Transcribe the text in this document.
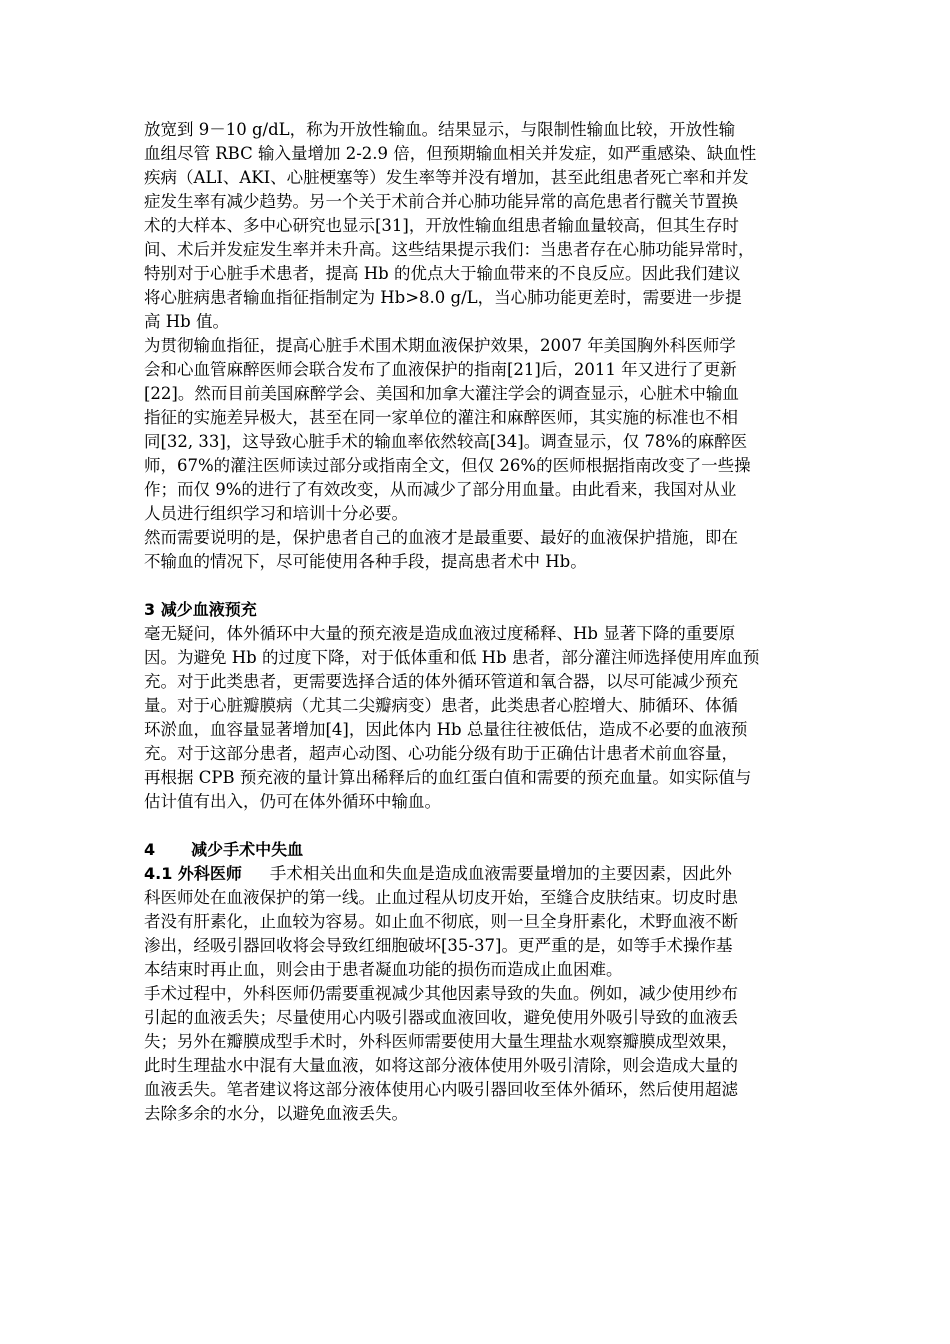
放宽到 9－10 g/dL，称为开放性输血。结果显示，与限制性输血比较，开放性输
血组尽管 RBC 输入量增加 2-2.9 倍，但预期输血相关并发症，如严重感染、缺血性
疾病（ALI、AKI、心脏梗塞等）发生率等并没有增加，甚至此组患者死亡率和并发
症发生率有减少趋势。另一个关于术前合并心肺功能异常的高危患者行髋关节置换
术的大样本、多中心研究也显示[31]，开放性输血组患者输血量较高，但其生存时
间、术后并发症发生率并未升高。这些结果提示我们：当患者存在心肺功能异常时，
特别对于心脏手术患者，提高 Hb 的优点大于输血带来的不良反应。因此我们建议
将心脏病患者输血指征指制定为 Hb>8.0 g/L，当心肺功能更差时，需要进一步提
高 Hb 值。
为贯彻输血指征，提高心脏手术围术期血液保护效果，2007 年美国胸外科医师学
会和心血管麻醉医师会联合发布了血液保护的指南[21]后，2011 年又进行了更新
[22]。然而目前美国麻醉学会、美国和加拿大灌注学会的调查显示，心脏术中输血
指征的实施差异极大，甚至在同一家单位的灌注和麻醉医师，其实施的标准也不相
同[32, 33]，这导致心脏手术的输血率依然较高[34]。调查显示，仅 78%的麻醉医
师，67%的灌注医师读过部分或指南全文，但仅 26%的医师根据指南改变了一些操
作；而仅 9%的进行了有效改变，从而减少了部分用血量。由此看来，我国对从业
人员进行组织学习和培训十分必要。
然而需要说明的是，保护患者自己的血液才是最重要、最好的血液保护措施，即在
不输血的情况下，尽可能使用各种手段，提高患者术中 Hb。
3 减少血液预充
毫无疑问，体外循环中大量的预充液是造成血液过度稀释、Hb 显著下降的重要原
因。为避免 Hb 的过度下降，对于低体重和低 Hb 患者，部分灌注师选择使用库血预
充。对于此类患者，更需要选择合适的体外循环管道和氧合器，以尽可能减少预充
量。对于心脏瓣膜病（尤其二尖瓣病变）患者，此类患者心腔增大、肺循环、体循
环淤血，血容量显著增加[4]，因此体内 Hb 总量往往被低估，造成不必要的血液预
充。对于这部分患者，超声心动图、心功能分级有助于正确估计患者术前血容量，
再根据 CPB 预充液的量计算出稀释后的血红蛋白值和需要的预充血量。如实际值与
估计值有出入，仍可在体外循环中输血。
4 减少手术中失血
4.1 外科医师 手术相关出血和失血是造成血液需要量增加的主要因素，因此外
科医师处在血液保护的第一线。止血过程从切皮开始，至缝合皮肤结束。切皮时患
者没有肝素化，止血较为容易。如止血不彻底，则一旦全身肝素化，术野血液不断
渗出，经吸引器回收将会导致红细胞破坏[35-37]。更严重的是，如等手术操作基
本结束时再止血，则会由于患者凝血功能的损伤而造成止血困难。
手术过程中，外科医师仍需要重视减少其他因素导致的失血。例如，减少使用纱布
引起的血液丢失；尽量使用心内吸引器或血液回收，避免使用外吸引导致的血液丢
失；另外在瓣膜成型手术时，外科医师需要使用大量生理盐水观察瓣膜成型效果，
此时生理盐水中混有大量血液，如将这部分液体使用外吸引清除，则会造成大量的
血液丢失。笔者建议将这部分液体使用心内吸引器回收至体外循环，然后使用超滤
去除多余的水分，以避免血液丢失。
